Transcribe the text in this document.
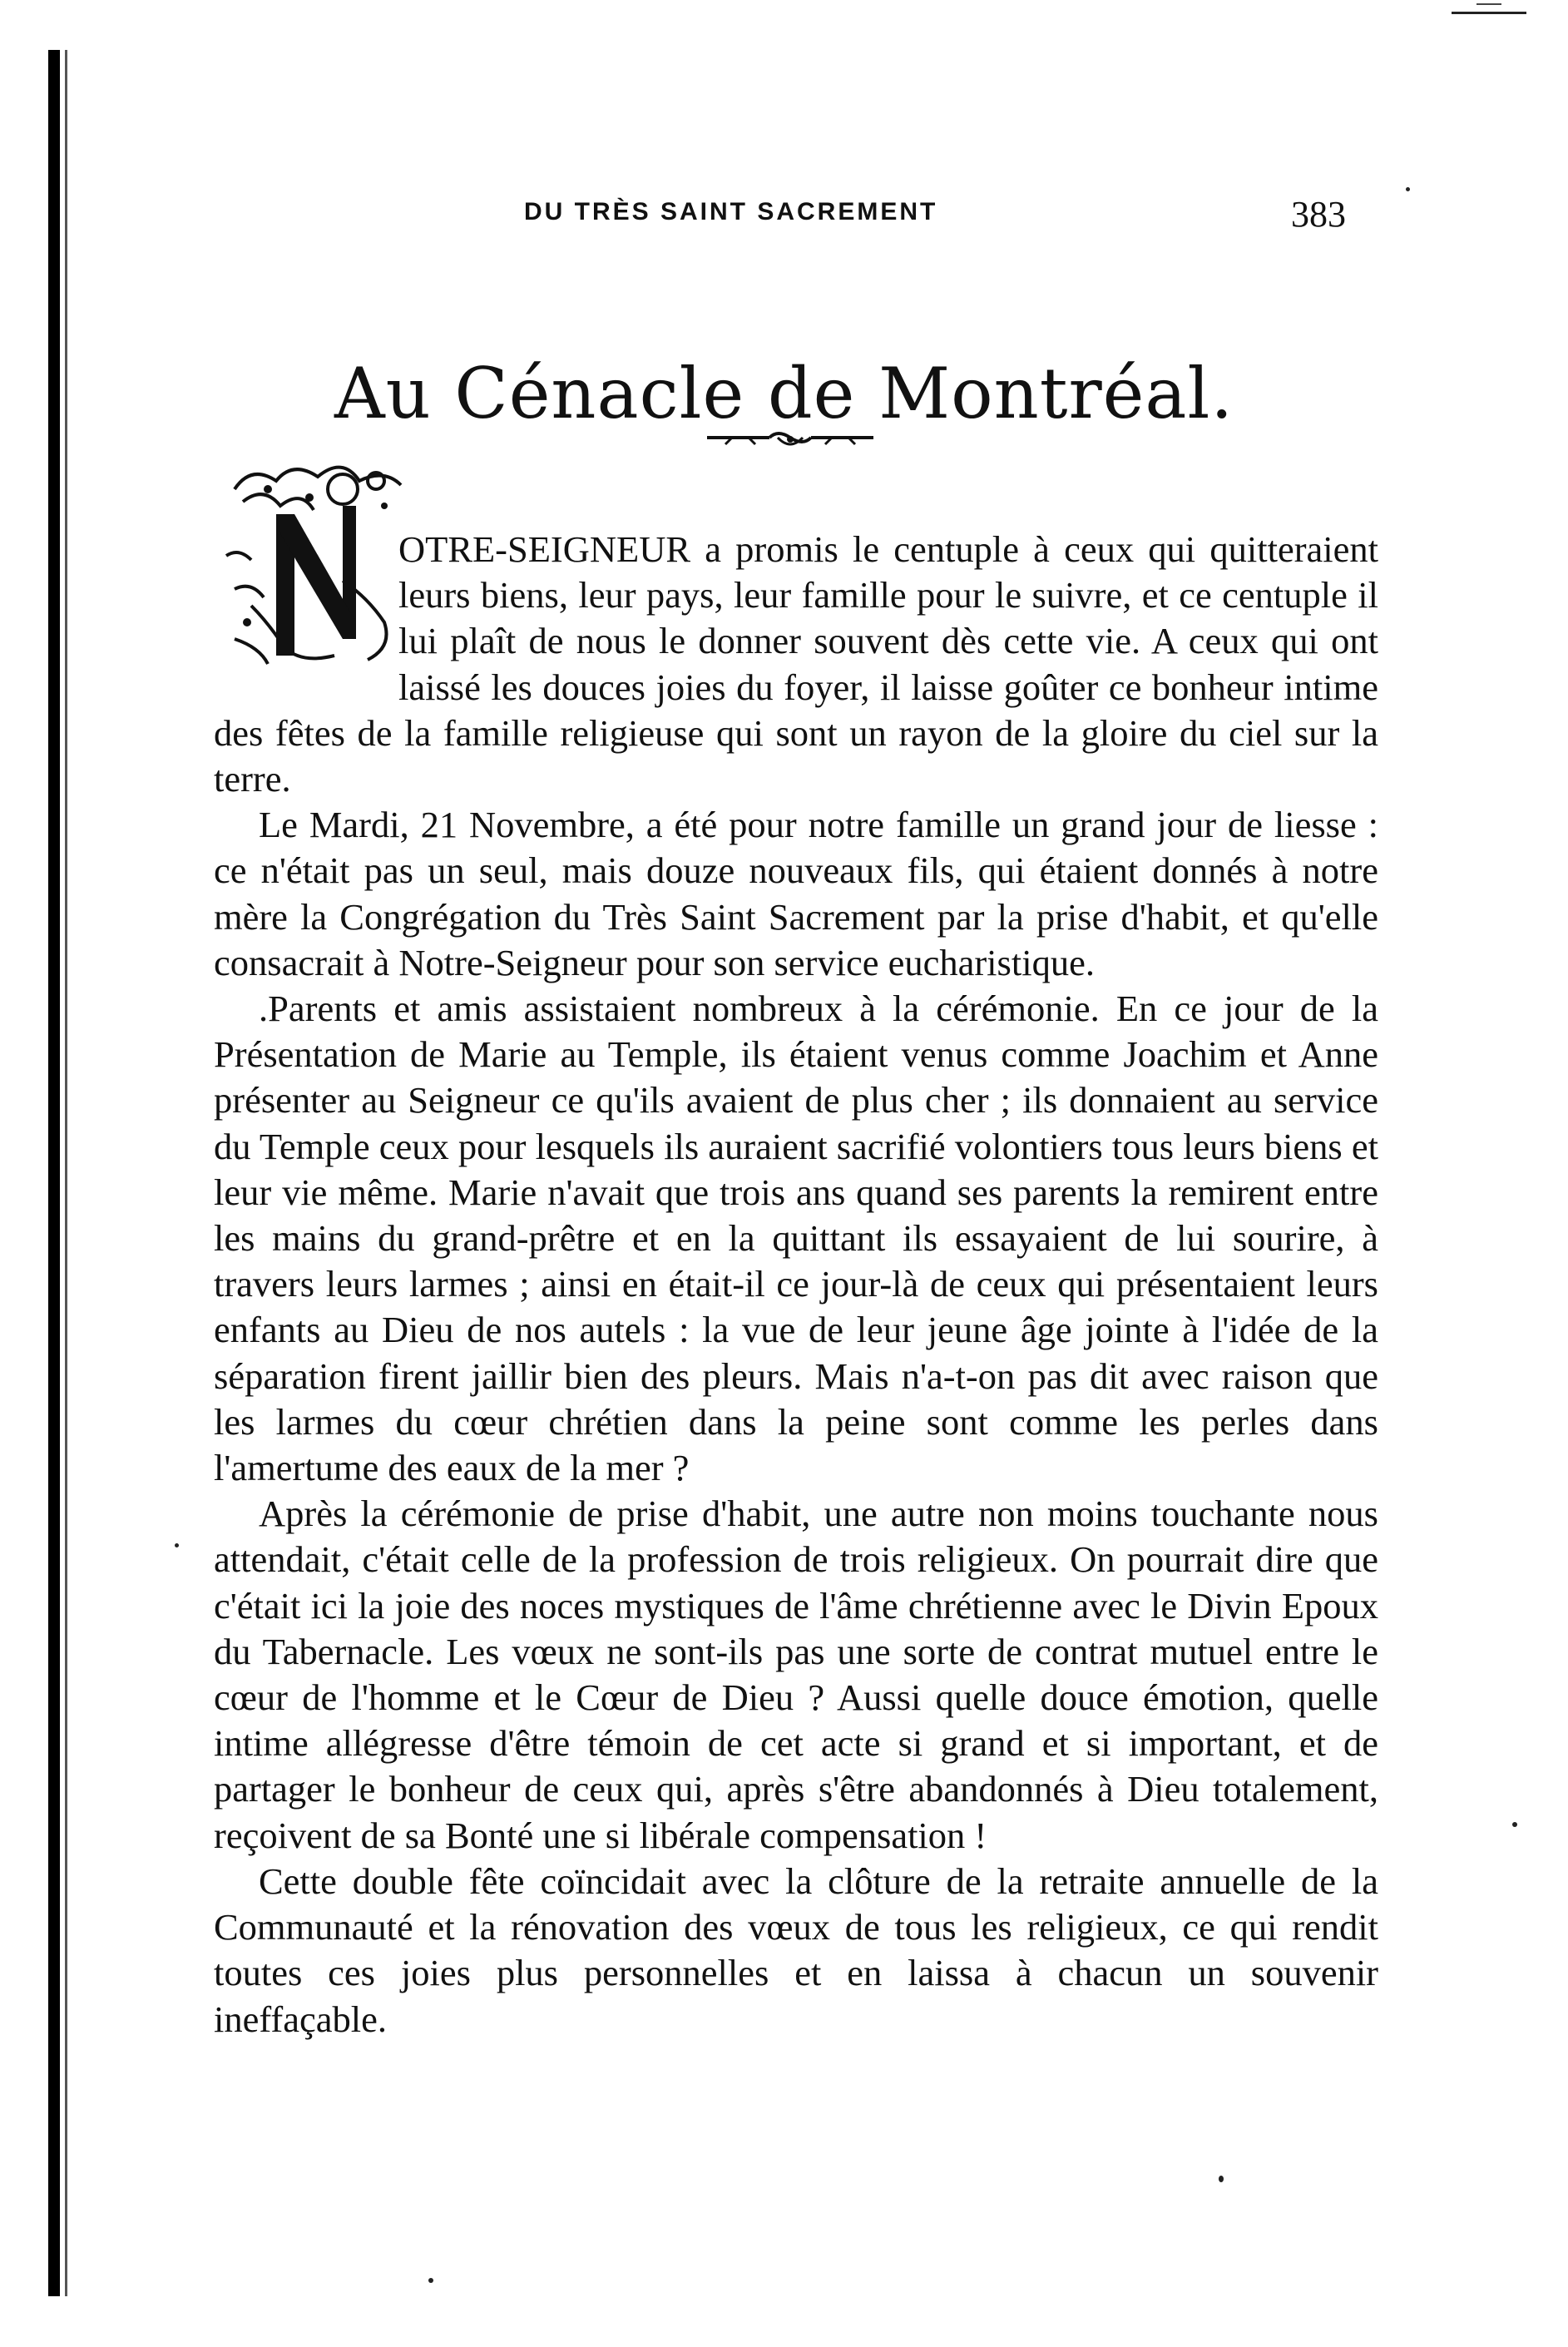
DU TRÈS SAINT SACREMENT	383
Au Cénacle de Montréal.

OTRE-SEIGNEUR a promis le centuple à ceux qui quitteraient leurs biens, leur pays, leur famille pour le suivre, et ce centuple il lui plaît de nous le donner souvent dès cette vie. A ceux qui ont laissé les douces joies du foyer, il laisse goûter ce bonheur intime des fêtes de la famille religieuse qui sont un rayon de la gloire du ciel sur la terre.

Le Mardi, 21 Novembre, a été pour notre famille un grand jour de liesse : ce n'était pas un seul, mais douze nouveaux fils, qui étaient donnés à notre mère la Congrégation du Très Saint Sacrement par la prise d'habit, et qu'elle consacrait à Notre-Seigneur pour son service eucharistique.

.Parents et amis assistaient nombreux à la cérémonie. En ce jour de la Présentation de Marie au Temple, ils étaient venus comme Joachim et Anne présenter au Seigneur ce qu'ils avaient de plus cher ; ils donnaient au service du Temple ceux pour lesquels ils auraient sacrifié volontiers tous leurs biens et leur vie même. Marie n'avait que trois ans quand ses parents la remirent entre les mains du grand-prêtre et en la quittant ils essayaient de lui sourire, à travers leurs larmes ; ainsi en était-il ce jour-là de ceux qui présentaient leurs enfants au Dieu de nos autels : la vue de leur jeune âge jointe à l'idée de la séparation firent jaillir bien des pleurs. Mais n'a-t-on pas dit avec raison que les larmes du cœur chrétien dans la peine sont comme les perles dans l'amertume des eaux de la mer ?

Après la cérémonie de prise d'habit, une autre non moins touchante nous attendait, c'était celle de la profession de trois religieux. On pourrait dire que c'était ici la joie des noces mystiques de l'âme chrétienne avec le Divin Epoux du Tabernacle. Les vœux ne sont-ils pas une sorte de contrat mutuel entre le cœur de l'homme et le Cœur de Dieu ? Aussi quelle douce émotion, quelle intime allégresse d'être témoin de cet acte si grand et si important, et de partager le bonheur de ceux qui, après s'être abandonnés à Dieu totalement, reçoivent de sa Bonté une si libérale compensation !

Cette double fête coïncidait avec la clôture de la retraite annuelle de la Communauté et la rénovation des vœux de tous les religieux, ce qui rendit toutes ces joies plus personnelles et en laissa à chacun un souvenir ineffaçable.
